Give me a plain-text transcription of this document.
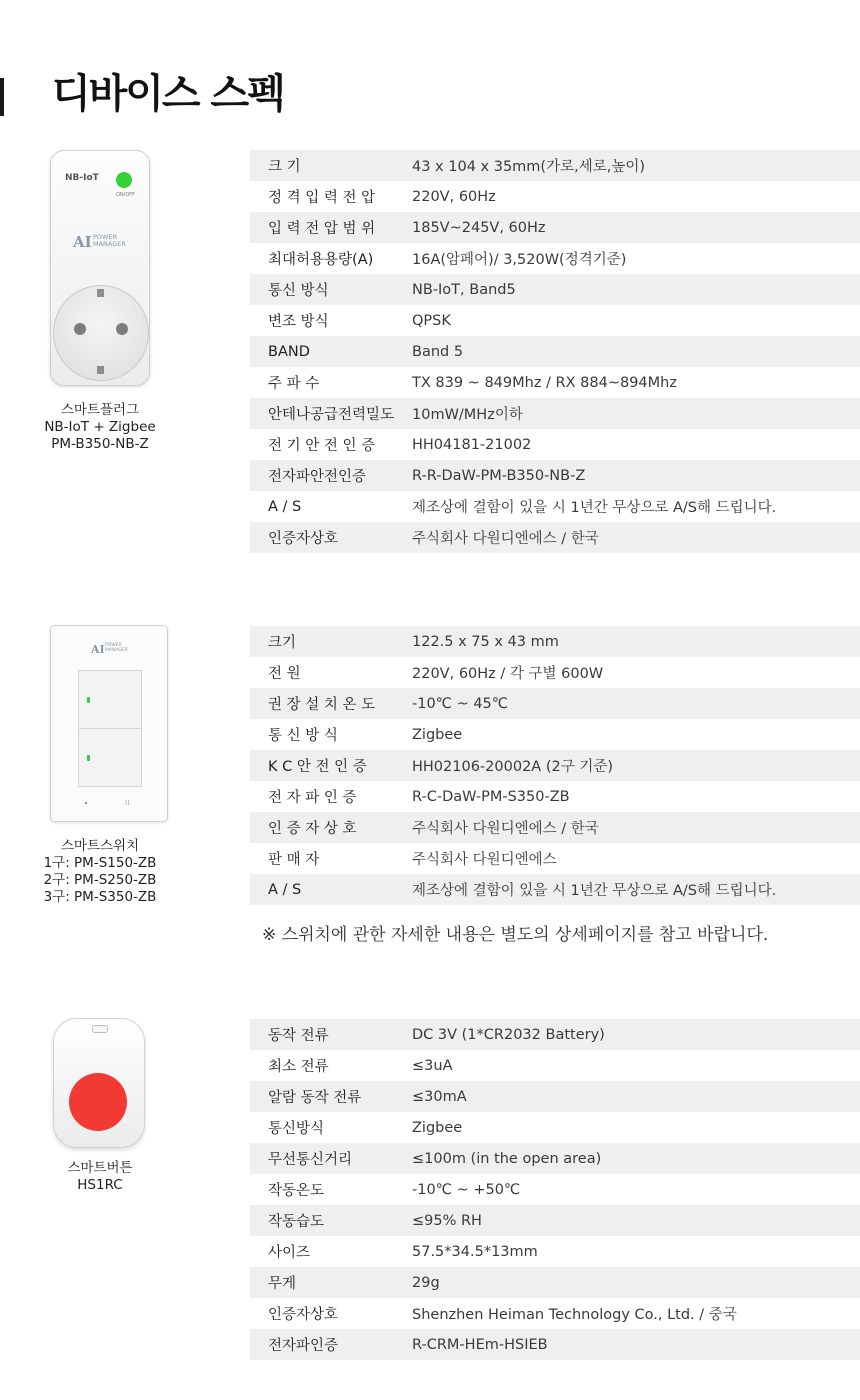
디바이스 스펙
NB-IoT
ON/OFF
AI POWER
MANAGER
스마트플러그
NB-IoT + Zigbee
PM-B350-NB-Z
크 기	43 x 104 x 35mm(가로,세로,높이)
정 격 입 력 전 압	220V, 60Hz
입 력 전 압 범 위	185V~245V, 60Hz
최대허용용량(A)	16A(암페어)/ 3,520W(정격기준)
통신 방식	NB-IoT, Band5
변조 방식	QPSK
BAND	Band 5
주 파 수	TX 839 ~ 849Mhz / RX 884~894Mhz
안테나공급전력밀도	10mW/MHz이하
전 기 안 전 인 증	HH04181-21002
전자파안전인증	R-R-DaW-PM-B350-NB-Z
A / S	제조상에 결함이 있을 시 1년간 무상으로 A/S해 드립니다.
인증자상호	주식회사 다원디엔에스 / 한국
AI POWER
MANAGER
⁞⁞
스마트스위치
1구: PM-S150-ZB
2구: PM-S250-ZB
3구: PM-S350-ZB
크기	122.5 x 75 x 43 mm
전 원	220V, 60Hz / 각 구별 600W
권 장 설 치 온 도	-10℃ ~ 45℃
통 신 방 식	Zigbee
K C 안 전 인 증	HH02106-20002A (2구 기준)
전 자 파 인 증	R-C-DaW-PM-S350-ZB
인 증 자 상 호	주식회사 다원디엔에스 / 한국
판 매 자	주식회사 다원디엔에스
A / S	제조상에 결함이 있을 시 1년간 무상으로 A/S해 드립니다.
※ 스위치에 관한 자세한 내용은 별도의 상세페이지를 참고 바랍니다.
스마트버튼
HS1RC
동작 전류	DC 3V (1*CR2032 Battery)
최소 전류	≤3uA
알람 동작 전류	≤30mA
통신방식	Zigbee
무선통신거리	≤100m (in the open area)
작동온도	-10℃ ~ +50℃
작동습도	≤95% RH
사이즈	57.5*34.5*13mm
무게	29g
인증자상호	Shenzhen Heiman Technology Co., Ltd. / 중국
전자파인증	R-CRM-HEm-HSIEB
